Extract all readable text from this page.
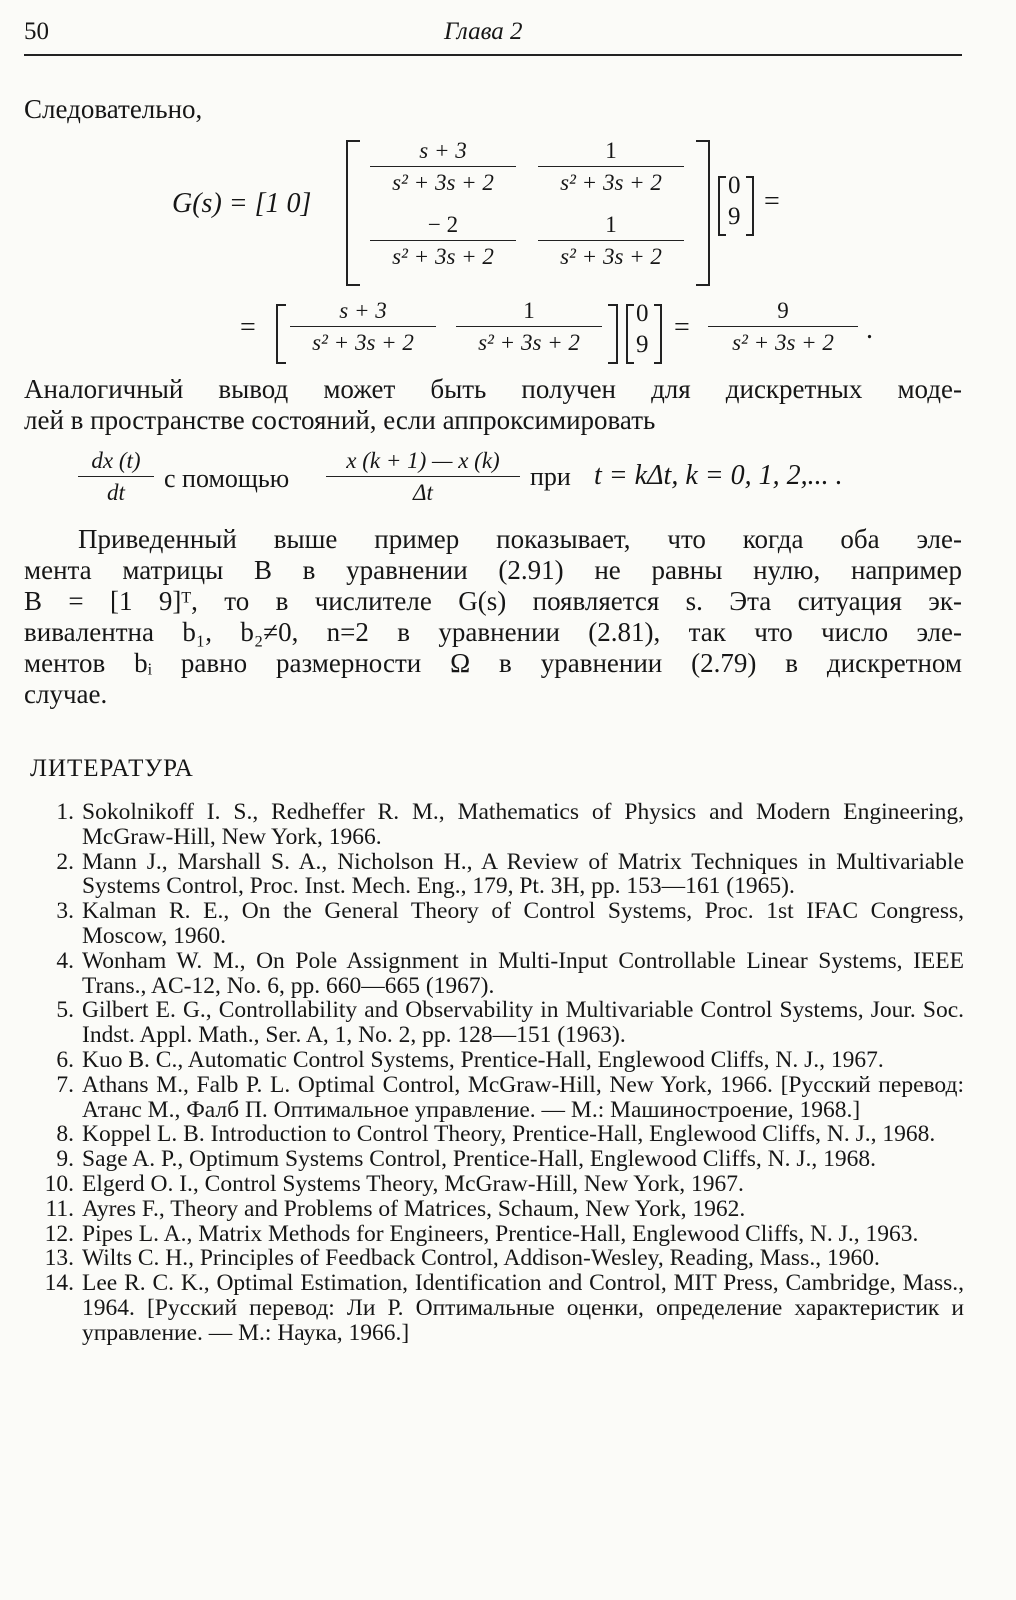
50	Глава 2
Следовательно,
G(s) = [1 0]
$\frac{s + 3}{\text{s² + 3s + 2}} \frac{1}{\text{s² + 3s + 2}}$
$\frac{- 2}{\text{s² + 3s + 2}} \frac{1}{\text{s² + 3s + 2}}$
0
9 =
= $\frac{s + 3}{\text{s² + 3s + 2}} \frac{1}{\text{s² + 3s + 2}} 0$
9
= $\frac{9}{\text{s² + 3s + 2}}$ .
Аналогичный вывод может быть получен для дискретных моде-
лей в пространстве состояний, если аппроксимировать
$\frac{dx (t)}{dt}$ с помощью $\frac{x (k + 1) — x (k)}{\Delta t}$ при t = kΔt, k = 0, 1, 2,... .
Приведенный выше пример показывает, что когда оба эле-
мента матрицы B в уравнении (2.91) не равны нулю, например
B = [1 9]ᵀ, то в числителе G(s) появляется s. Эта ситуация эк-
вивалентна b₁, b₂≠0, n=2 в уравнении (2.81), так что число эле-
ментов bᵢ равно размерности Ω в уравнении (2.79) в дискретном
случае.
ЛИТЕРАТУРА
1. Sokolnikoff I. S., Redheffer R. M., Mathematics of Physics and Modern Engineering, McGraw-Hill, New York, 1966.
2. Mann J., Marshall S. A., Nicholson H., A Review of Matrix Techniques in Multivariable Systems Control, Proc. Inst. Mech. Eng., 179, Pt. 3H, pp. 153—161 (1965).
3. Kalman R. E., On the General Theory of Control Systems, Proc. 1st IFAC Congress, Moscow, 1960.
4. Wonham W. M., On Pole Assignment in Multi-Input Controllable Linear Systems, IEEE Trans., AC-12, No. 6, pp. 660—665 (1967).
5. Gilbert E. G., Controllability and Observability in Multivariable Control Systems, Jour. Soc. Indst. Appl. Math., Ser. A, 1, No. 2, pp. 128—151 (1963).
6. Kuo B. C., Automatic Control Systems, Prentice-Hall, Englewood Cliffs, N. J., 1967.
7. Athans M., Falb P. L. Optimal Control, McGraw-Hill, New York, 1966. [Русский перевод: Атанс М., Фалб П. Оптимальное управление. — М.: Машиностроение, 1968.]
8. Koppel L. B. Introduction to Control Theory, Prentice-Hall, Englewood Cliffs, N. J., 1968.
9. Sage A. P., Optimum Systems Control, Prentice-Hall, Englewood Cliffs, N. J., 1968.
10. Elgerd O. I., Control Systems Theory, McGraw-Hill, New York, 1967.
11. Ayres F., Theory and Problems of Matrices, Schaum, New York, 1962.
12. Pipes L. A., Matrix Methods for Engineers, Prentice-Hall, Englewood Cliffs, N. J., 1963.
13. Wilts C. H., Principles of Feedback Control, Addison-Wesley, Reading, Mass., 1960.
14. Lee R. C. K., Optimal Estimation, Identification and Control, MIT Press, Cambridge, Mass., 1964. [Русский перевод: Ли Р. Оптимальные оценки, определение характеристик и управление. — М.: Наука, 1966.]
